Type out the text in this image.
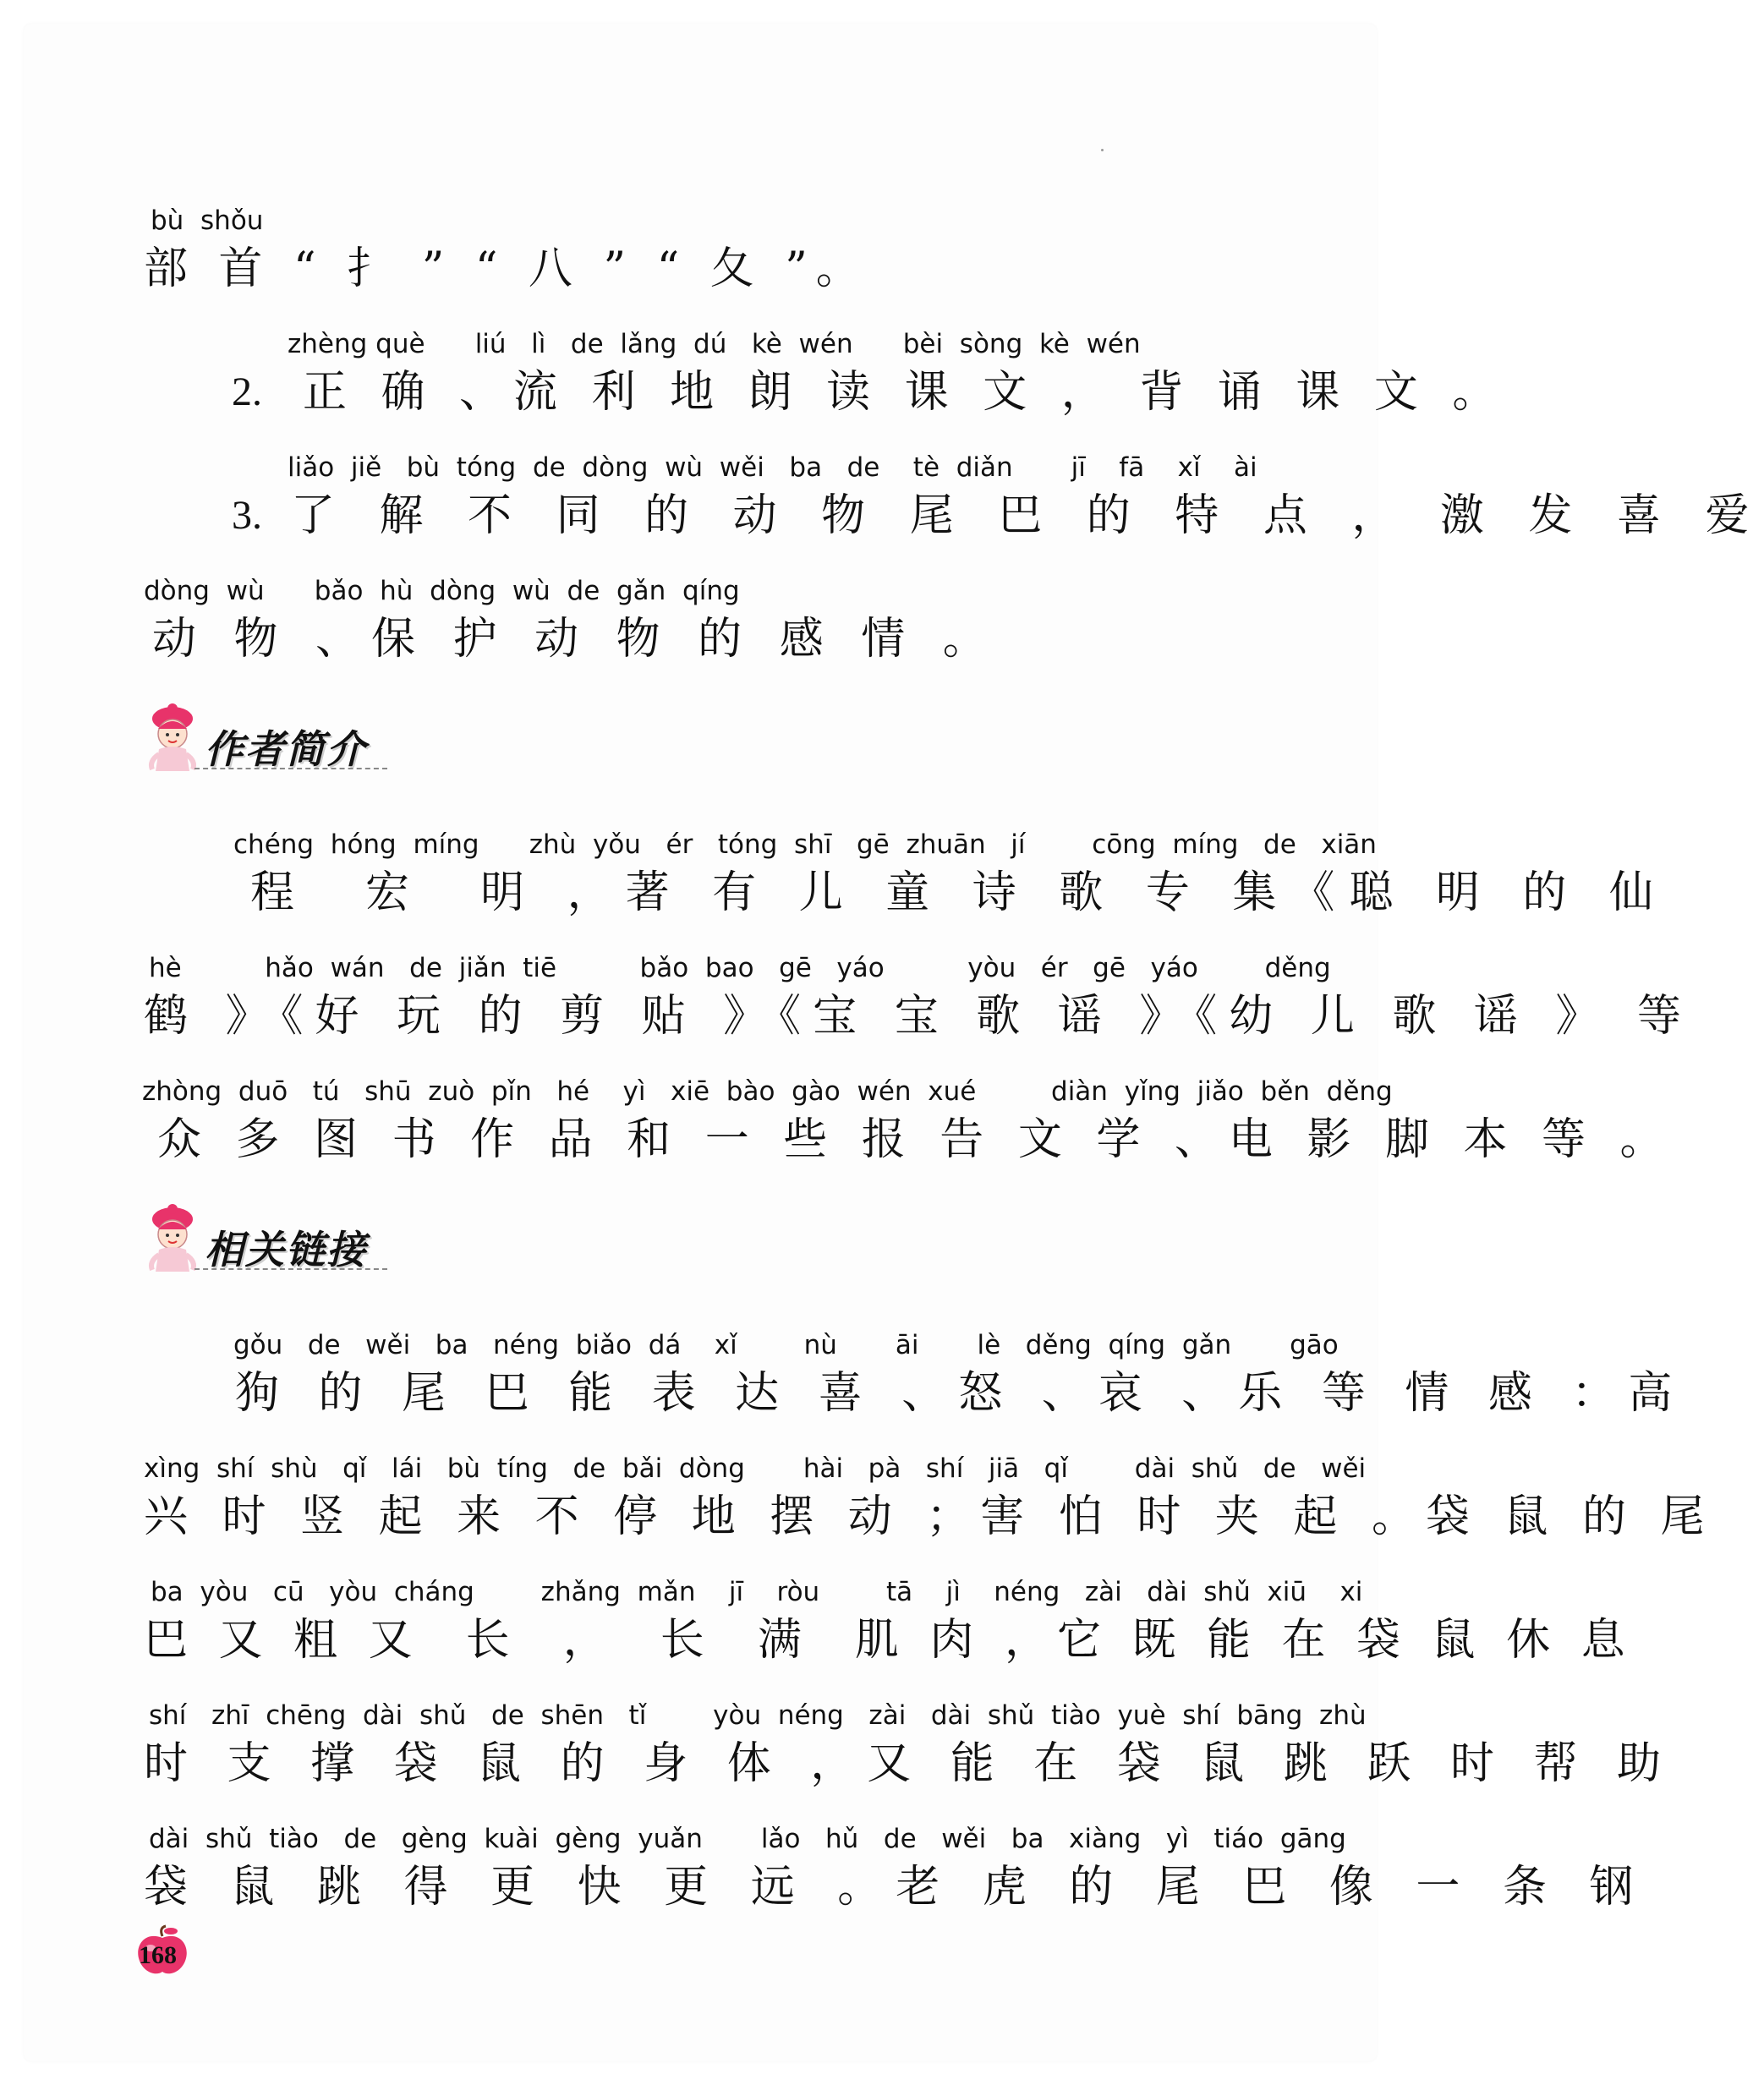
bù  shǒu
部 首 “ 扌 ” “ 八 ” “ 夂 ”。
2.
zhèng què      liú   lì   de  lǎng  dú   kè  wén      bèi  sòng  kè  wén
正 确 、流 利 地 朗 读 课 文 ， 背 诵 课 文 。
3.
liǎo  jiě   bù  tóng  de  dòng  wù  wěi   ba   de    tè  diǎn       jī    fā    xǐ    ài
了 解 不 同 的 动 物 尾 巴 的 特 点 ， 激 发 喜 爱
dòng  wù      bǎo  hù  dòng  wù  de  gǎn  qíng
动 物 、保 护 动 物 的 感 情 。
作者简介
chéng  hóng  míng      zhù  yǒu   ér   tóng  shī   gē  zhuān   jí        cōng  míng   de   xiān
程  宏  明 ，著 有 儿 童 诗 歌 专 集《聪 明 的 仙
hè          hǎo  wán   de  jiǎn  tiē          bǎo  bao   gē   yáo          yòu   ér   gē   yáo        děng
鹤 》《好 玩 的 剪 贴 》《宝 宝 歌 谣 》《幼 儿 歌 谣 》 等
zhòng  duō   tú   shū  zuò  pǐn   hé    yì   xiē  bào  gào  wén  xué         diàn  yǐng  jiǎo  běn  děng
众 多 图 书 作 品 和 一 些 报 告 文 学 、电 影 脚 本 等 。
相关链接
gǒu   de   wěi   ba   néng  biǎo  dá    xǐ        nù       āi       lè   děng  qíng  gǎn       gāo
狗 的 尾 巴 能 表 达 喜 、怒 、哀 、乐 等 情 感 ：高
xìng  shí  shù   qǐ   lái   bù  tíng   de  bǎi  dòng       hài   pà   shí   jiā   qǐ        dài  shǔ   de   wěi
兴 时 竖 起 来 不 停 地 摆 动 ；害 怕 时 夹 起 。袋 鼠 的 尾
ba  yòu   cū   yòu  cháng        zhǎng  mǎn    jī    ròu        tā    jì    néng   zài   dài  shǔ  xiū    xi
巴 又 粗 又  长  ，  长  满  肌 肉 ，它 既 能 在 袋 鼠 休 息
shí   zhī  chēng  dài  shǔ   de  shēn   tǐ        yòu  néng   zài   dài  shǔ  tiào  yuè  shí  bāng  zhù
时 支 撑 袋 鼠 的 身 体 ，又 能 在 袋 鼠 跳 跃 时 帮 助
dài  shǔ  tiào   de   gèng  kuài  gèng  yuǎn       lǎo   hǔ   de   wěi   ba   xiàng   yì   tiáo  gāng
袋 鼠 跳 得 更 快 更 远 。老 虎 的 尾 巴 像 一 条 钢
168
